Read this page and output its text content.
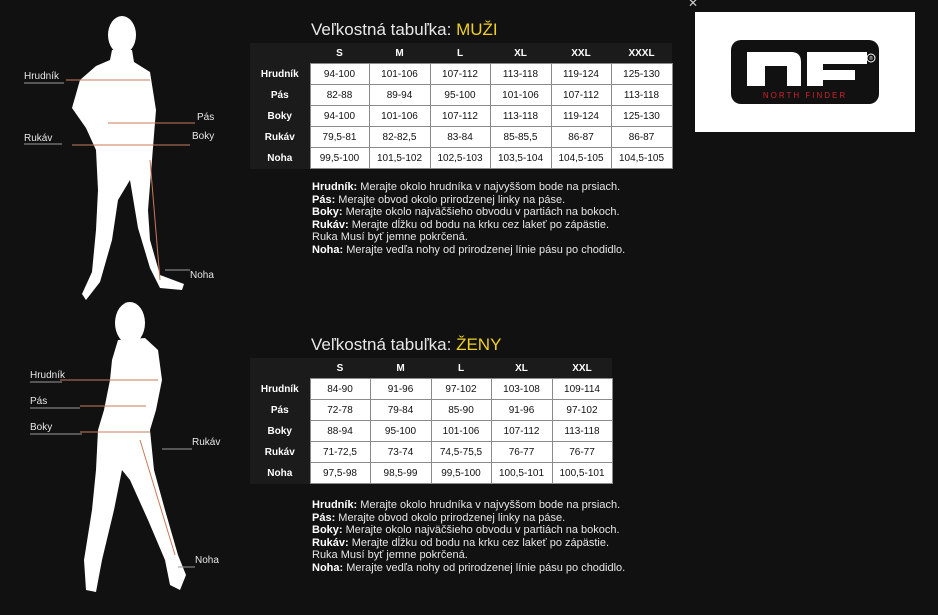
✕
Hrudník
Pás
Rukáv	Boky
Noha
Hrudník
Pás
Boky
Rukáv
Noha
Veľkostná tabuľka: MUŽI
	S	M	L	XL	XXL	XXXL
Hrudník	94-100	101-106	107-112	113-118	119-124	125-130
Pás	82-88	89-94	95-100	101-106	107-112	113-118
Boky	94-100	101-106	107-112	113-118	119-124	125-130
Rukáv	79,5-81	82-82,5	83-84	85-85,5	86-87	86-87
Noha	99,5-100	101,5-102	102,5-103	103,5-104	104,5-105	104,5-105
Hrudník: Merajte okolo hrudníka v najvyššom bode na prsiach.
Pás: Merajte obvod okolo prirodzenej linky na páse.
Boky: Merajte okolo najväčšieho obvodu v partiách na bokoch.
Rukáv: Merajte dĺžku od bodu na krku cez lakeť po zápästie.
Ruka Musí byť jemne pokrčená.
Noha: Merajte vedľa nohy od prirodzenej línie pásu po chodidlo.
Veľkostná tabuľka: ŽENY
	S	M	L	XL	XXL
Hrudník	84-90	91-96	97-102	103-108	109-114
Pás	72-78	79-84	85-90	91-96	97-102
Boky	88-94	95-100	101-106	107-112	113-118
Rukáv	71-72,5	73-74	74,5-75,5	76-77	76-77
Noha	97,5-98	98,5-99	99,5-100	100,5-101	100,5-101
Hrudník: Merajte okolo hrudníka v najvyššom bode na prsiach.
Pás: Merajte obvod okolo prirodzenej linky na páse.
Boky: Merajte okolo najväčšieho obvodu v partiách na bokoch.
Rukáv: Merajte dĺžku od bodu na krku cez lakeť po zápästie.
Ruka Musí byť jemne pokrčená.
Noha: Merajte vedľa nohy od prirodzenej línie pásu po chodidlo.
®
NORTH FINDER
